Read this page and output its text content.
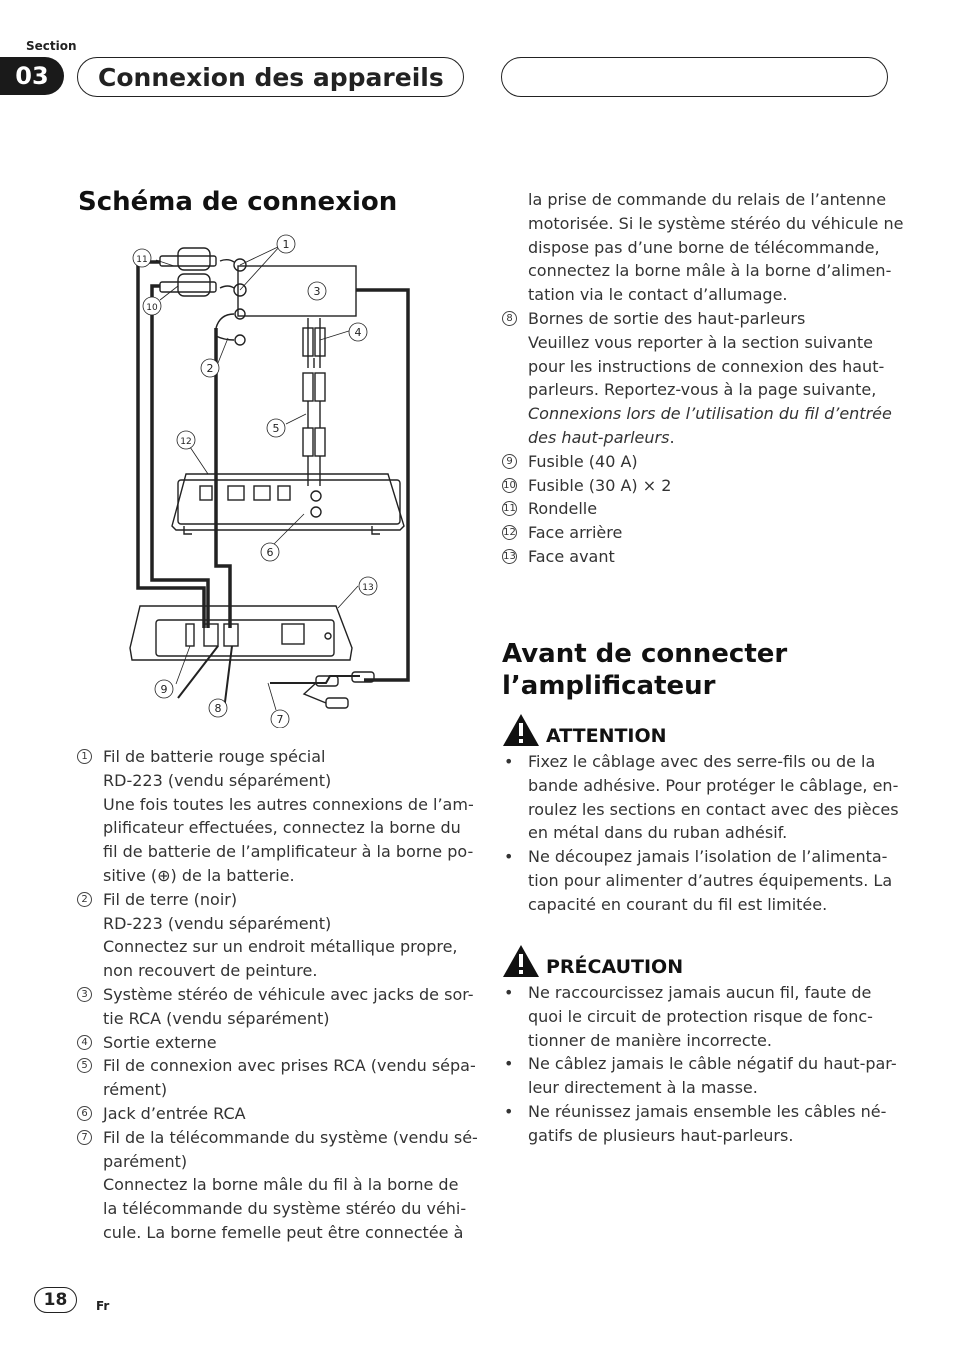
Section
03	Connexion des appareils
Schéma de connexion
Avant de connecter l’amplificateur
1
11
10
3
4
2
5
12
6
13
9
8
7
1 Fil de batterie rouge spécial
RD-223 (vendu séparément)
Une fois toutes les autres connexions de l’am-
plificateur effectuées, connectez la borne du
fil de batterie de l’amplificateur à la borne po-
sitive (⊕) de la batterie.
2 Fil de terre (noir)
RD-223 (vendu séparément)
Connectez sur un endroit métallique propre,
non recouvert de peinture.
3 Système stéréo de véhicule avec jacks de sor-
tie RCA (vendu séparément)
4 Sortie externe
5 Fil de connexion avec prises RCA (vendu sépa-
rément)
6 Jack d’entrée RCA
7 Fil de la télécommande du système (vendu sé-
parément)
Connectez la borne mâle du fil à la borne de
la télécommande du système stéréo du véhi-
cule. La borne femelle peut être connectée à
la prise de commande du relais de l’antenne
motorisée. Si le système stéréo du véhicule ne
dispose pas d’une borne de télécommande,
connectez la borne mâle à la borne d’alimen-
tation via le contact d’allumage.
8 Bornes de sortie des haut-parleurs
Veuillez vous reporter à la section suivante
pour les instructions de connexion des haut-
parleurs. Reportez-vous à la page suivante,
Connexions lors de l’utilisation du fil d’entrée
des haut-parleurs.
9 Fusible (40 A)
10 Fusible (30 A) × 2
11 Rondelle
12 Face arrière
13 Face avant
ATTENTION
• Fixez le câblage avec des serre-fils ou de la
bande adhésive. Pour protéger le câblage, en-
roulez les sections en contact avec des pièces
en métal dans du ruban adhésif.
• Ne découpez jamais l’isolation de l’alimenta-
tion pour alimenter d’autres équipements. La
capacité en courant du fil est limitée.
PRÉCAUTION
• Ne raccourcissez jamais aucun fil, faute de
quoi le circuit de protection risque de fonc-
tionner de manière incorrecte.
• Ne câblez jamais le câble négatif du haut-par-
leur directement à la masse.
• Ne réunissez jamais ensemble les câbles né-
gatifs de plusieurs haut-parleurs.
18	Fr
